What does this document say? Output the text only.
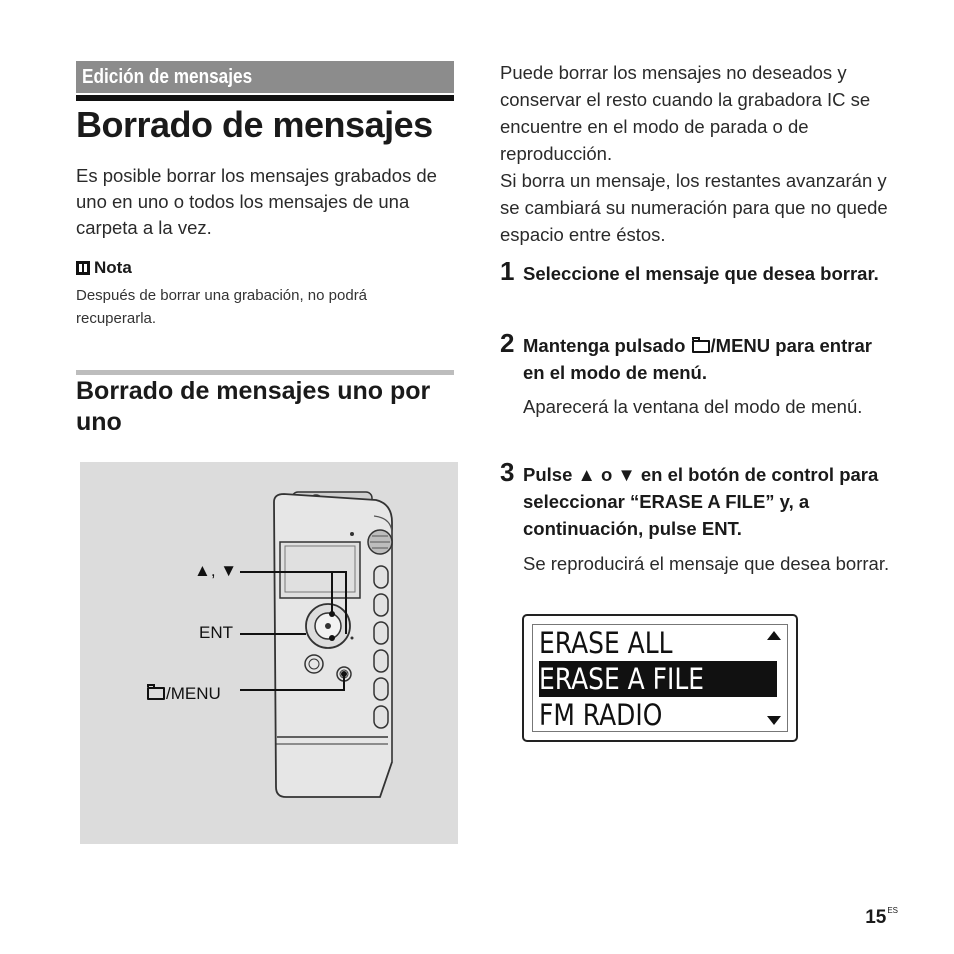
Edición de mensajes
Borrado de mensajes
Es posible borrar los mensajes grabados de uno en uno o todos los mensajes de una carpeta a la vez.
Nota
Después de borrar una grabación, no podrá recuperarla.
Borrado de mensajes uno por uno
▲, ▼
ENT
/MENU
Puede borrar los mensajes no deseados y conservar el resto cuando la grabadora IC se encuentre en el modo de parada o de reproducción.
Si borra un mensaje, los restantes avanzarán y se cambiará su numeración para que no quede espacio entre éstos.
1 Seleccione el mensaje que desea borrar.
2 Mantenga pulsado /MENU para entrar en el modo de menú.
Aparecerá la ventana del modo de menú.
3 Pulse ▲ o ▼ en el botón de control para seleccionar “ERASE A FILE” y, a continuación, pulse ENT.
Se reproducirá el mensaje que desea borrar.
ERASE ALL
ERASE A FILE
FM RADIO
$15^{ES}$
